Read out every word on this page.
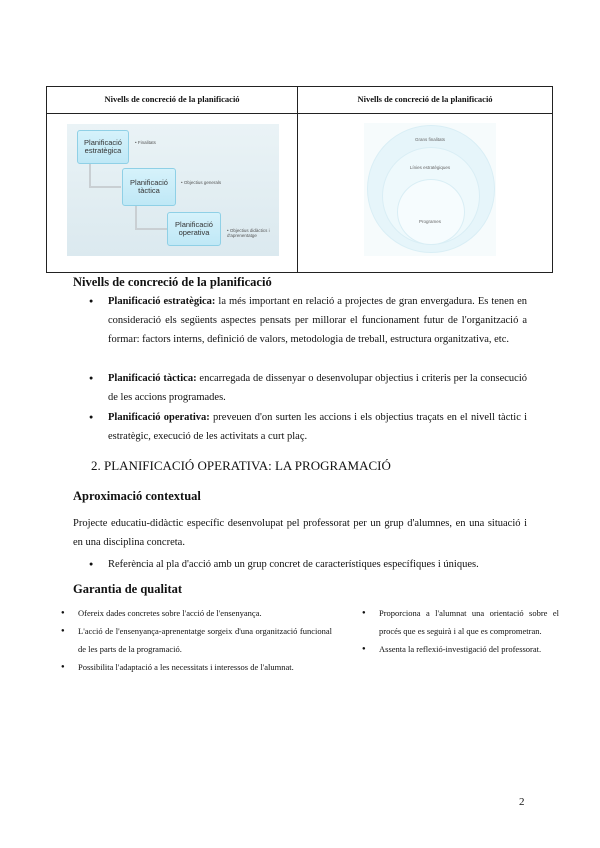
Nivells de concreció de la planificació	Nivells de concreció de la planificació
Planificació estratègica
Planificació tàctica
Planificació operativa
• Finalitats
• Objectius generals
• Objectius didàctics i d'aprenentatge
Grans finalitats
Línies estratègiques
Programes
Nivells de concreció de la planificació
● Planificació estratègica: la més important en relació a projectes de gran envergadura. Es tenen en consideració els següents aspectes pensats per millorar el funcionament futur de l'organització a formar: factors interns, definició de valors, metodologia de treball, estructura organitzativa, etc.
● Planificació tàctica: encarregada de dissenyar o desenvolupar objectius i criteris per la consecució de les accions programades.
● Planificació operativa: preveuen d'on surten les accions i els objectius traçats en el nivell tàctic i estratègic, execució de les activitats a curt plaç.
2. PLANIFICACIÓ OPERATIVA: LA PROGRAMACIÓ
Aproximació contextual
Projecte educatiu-didàctic específic desenvolupat pel professorat per un grup d'alumnes, en una situació i en una disciplina concreta.
● Referència al pla d'acció amb un grup concret de característiques específiques i úniques.
Garantia de qualitat

● Ofereix dades concretes sobre l'acció de l'ensenyança.

● L'acció de l'ensenyança-aprenentatge sorgeix d'una organització funcional de les parts de la programació.

● Possibilita l'adaptació a les necessitats i interessos de l'alumnat.

● Proporciona a l'alumnat una orientació sobre el procés que es seguirà i al que es comprometran.

● Assenta la reflexió-investigació del professorat.

2
